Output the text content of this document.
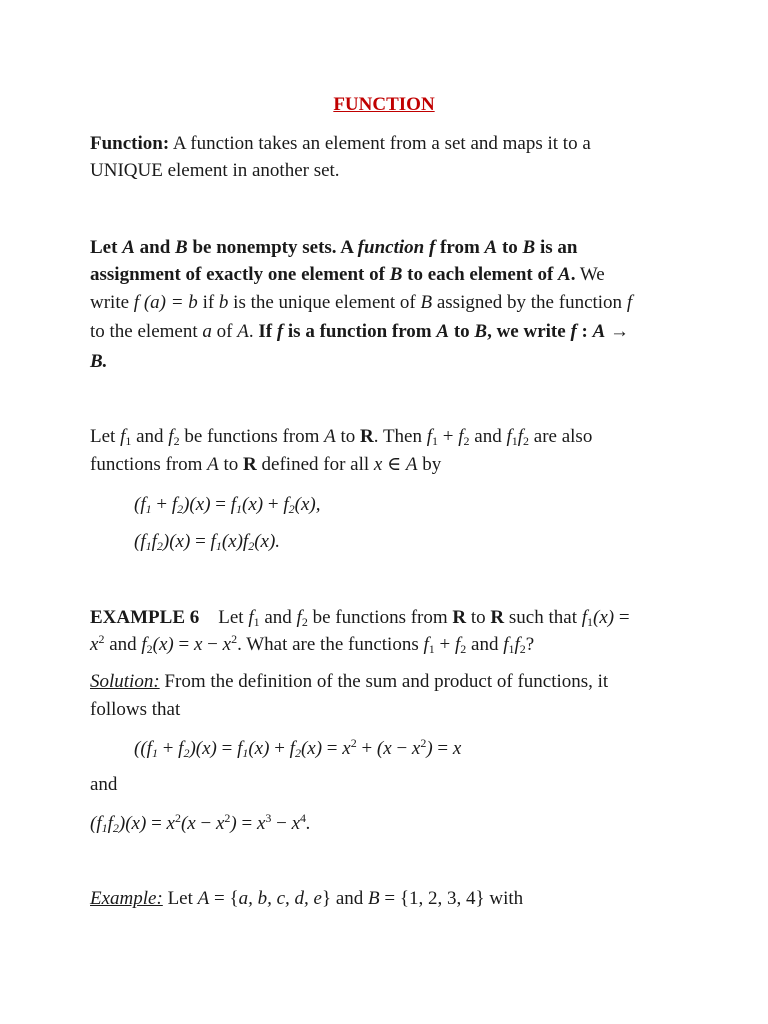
FUNCTION

Function: A function takes an element from a set and maps it to a

UNIQUE element in another set.

Let A and B be nonempty sets. A function f from A to B is an

assignment of exactly one element of B to each element of A. We

write f (a) = b if b is the unique element of B assigned by the function f

to the element a of A. If f is a function from A to B, we write f : A →

B.

Let $f_1$ and $f_2$ be functions from A to R. Then $f_1 + f_2$ and $f_1f_2$ are also

functions from A to R defined for all x ∈ A by

$(f_1 + f_2)(x) = f_1(x) + f_2(x)$,

$(f_1f_2)(x) = f_1(x)f_2(x)$.

EXAMPLE 6    Let $f_1$ and $f_2$ be functions from R to R such that $f_1(x)$ =

$x^2$ and $f_2(x) = x - x^2$. What are the functions $f_1 + f_2$ and $f_1f_2$?

Solution: From the definition of the sum and product of functions, it

follows that

($(f_1 + f_2)(x) = f_1(x) + f_2(x) = x^2 + (x - x^2) = x$

and

$(f_1f_2)(x) = x^2(x - x^2) = x^3 - x^4$.

Example: Let A = {a, b, c, d, e} and B = {1, 2, 3, 4} with
